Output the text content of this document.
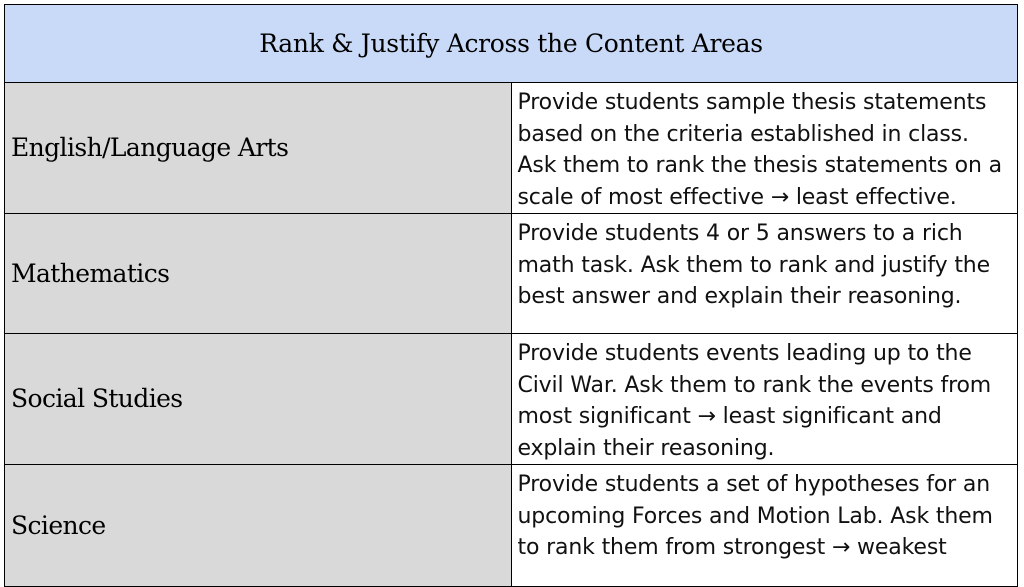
Rank & Justify Across the Content Areas	
English/Language Arts	Provide students sample thesis statements based on the criteria established in class. Ask them to rank the thesis statements on a scale of most effective → least effective.
Mathematics	Provide students 4 or 5 answers to a rich math task. Ask them to rank and justify the best answer and explain their reasoning.
Social Studies	Provide students events leading up to the Civil War. Ask them to rank the events from most significant → least significant and explain their reasoning.
Science	Provide students a set of hypotheses for an upcoming Forces and Motion Lab. Ask them to rank them from strongest → weakest
